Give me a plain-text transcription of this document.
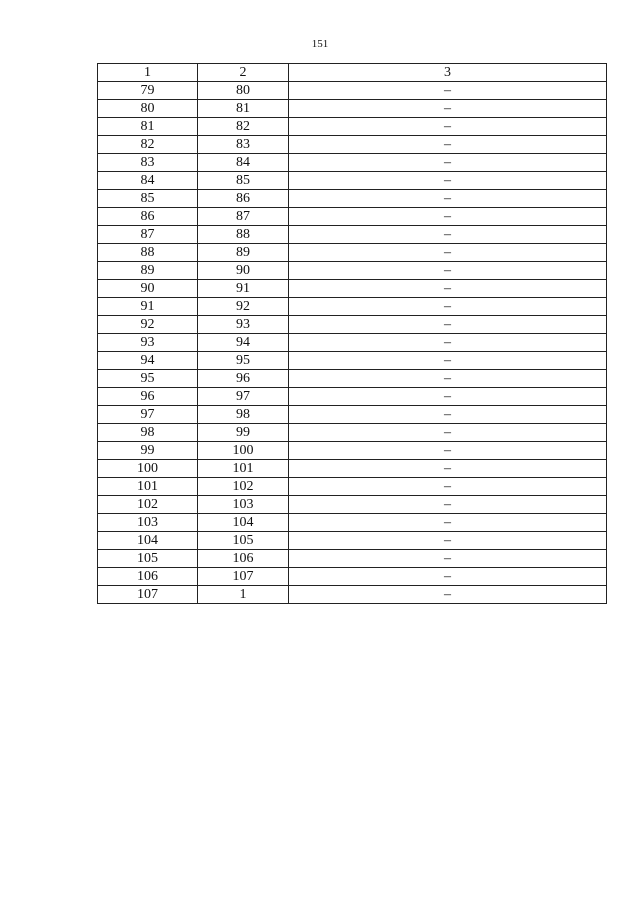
151
1	2	3
79	80	–
80	81	–
81	82	–
82	83	–
83	84	–
84	85	–
85	86	–
86	87	–
87	88	–
88	89	–
89	90	–
90	91	–
91	92	–
92	93	–
93	94	–
94	95	–
95	96	–
96	97	–
97	98	–
98	99	–
99	100	–
100	101	–
101	102	–
102	103	–
103	104	–
104	105	–
105	106	–
106	107	–
107	1	–
